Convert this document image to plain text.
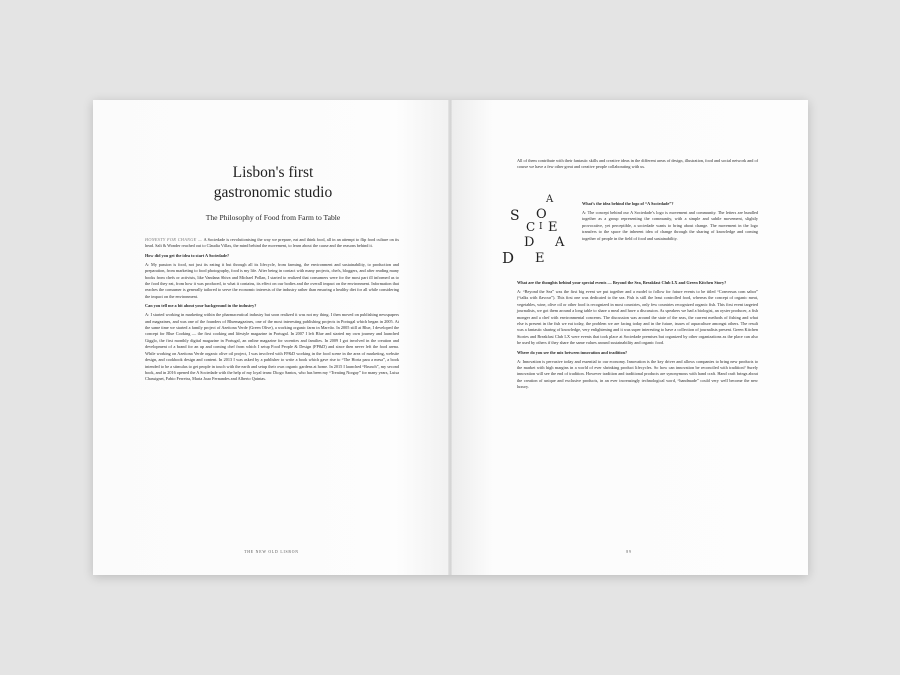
Lisbon's first
gastronomic studio
The Philosophy of Food from Farm to Table

HONESTY FOR CHANGE — A Sociedade is revolutionising the way we prepare, eat and think food, all in an attempt to flip food culture on its head. Salt & Wonder reached out to Claudia Villax, the mind behind the movement, to learn about the cause and the reasons behind it.

How did you get the idea to start A Sociedade?

A: My passion is food, not just its eating it but through all its lifecycle, from farming, the environment and sustainability, to production and preparation, from marketing to food photography, food is my life. After being in contact with many projects, chefs, bloggers, and after reading many books from chefs or activists, like Vandana Shiva and Michael Pollan, I started to realized that consumers were for the most part ill informed as to the food they eat, from how it was produced, to what it contains, its effect on our bodies and the overall impact on the environment. Information that reaches the consumer is generally tailored to serve the economic interests of the industry rather than ensuring a healthy diet for all while considering the impact on the environment.

Can you tell me a bit about your background in the industry?

A: I started working in marketing within the pharmaceutical industry but soon realized it was not my thing. I then moved on publishing newspapers and magazines, and was one of the founders of Bluemagazines, one of the most interesting publishing projects in Portugal which began in 2005. At the same time we started a family project of Azeitona Verde (Green Olive), a working organic farm in Marvão. In 2005 still at Blue, I developed the concept for Blue Cooking — the first cooking and lifestyle magazine in Portugal. In 2007 I left Blue and started my own journey and launched Gigglo, the first monthly digital magazine in Portugal, an online magazine for swenties and families. In 2009 I got involved in the creation and development of a brand for an up and coming chef from which I setup Food People & Design (FP&D) and since then never left the food arena. While working on Azeitona Verde organic olive oil project, I was involved with FP&D working in the food scene in the area of marketing, website design, and cookbook design and content. In 2013 I was asked by a publisher to write a book which gave rise to “The Horta para a mesa”, a book intended to be a stimulus to get people in touch with the earth and setup their own organic gardens at home. In 2015 I launched “Brunch”, my second book, and in 2016 opened the A Sociedade with the help of my loyal team: Diogo Santos, who has been my “Treating Norgay” for many years, Luisa Chassignet, Fabio Ferreira, Maria Joao Fernandes and Alberto Quintas.

THE NEW OLD LISBON

All of them contribute with their fantastic skills and creative ideas in the different areas of design, illustration, food and social network and of course we have a few other great and creative people collaborating with us.

A
S O
C I E
D A
D E

What’s the idea behind the logo of “A Sociedade”?

A: The concept behind our A Sociedade’s logo is movement and community. The letters are bundled together as a group representing the community, with a simple and subtle movement, slightly provocative, yet perceptible, a sociedade wants to bring about change. The movement in the logo transfers to the space the inherent idea of change through the sharing of knowledge and coming together of people in the field of food and sustainability.

What are the thoughts behind your special events — Beyond the Sea, Breakfast Club LX and Green Kitchen Story?

A: “Beyond the Sea” was the first big event we put together and a model to follow for future events to be titled “Conversas com sabor” (“talks with flavour”). This first one was dedicated to the sea. Fish is still the least controlled food, whereas the concept of organic meat, vegetables, wine, olive oil or other food is recognized in most countries, only few countries recognized organic fish. This first event targeted journalists, we got them around a long table to share a meal and have a discussion. As speakers we had a biologist, an oyster producer, a fish monger and a chef with environmental concerns. The discussion was around the state of the seas, the current methods of fishing and what else is present in the fish we eat today, the problem we are facing today and in the future, issues of aquaculture amongst others. The result was a fantastic sharing of knowledge, very enlightening and it was super interesting to have a collection of journalists present. Green Kitchen Stories and Breakfast Club LX were events that took place at Sociedade premises but organized by other organizations as the place can also be used by others if they share the same values around sustainability and organic food.

Where do you see the mix between innovation and tradition?

A: Innovation is pervasive today and essential to our economy. Innovation is the key driver and allows companies to bring new products to the market with high margins in a world of ever shrinking product lifecycles. So how can innovation be reconciled with tradition? Surely innovation will see the end of tradition. However tradition and traditional products are synonymous with hand craft. Hand craft brings about the creation of unique and exclusive products, in an ever increasingly technological word, “handmade” could very well become the new luxury.

89
